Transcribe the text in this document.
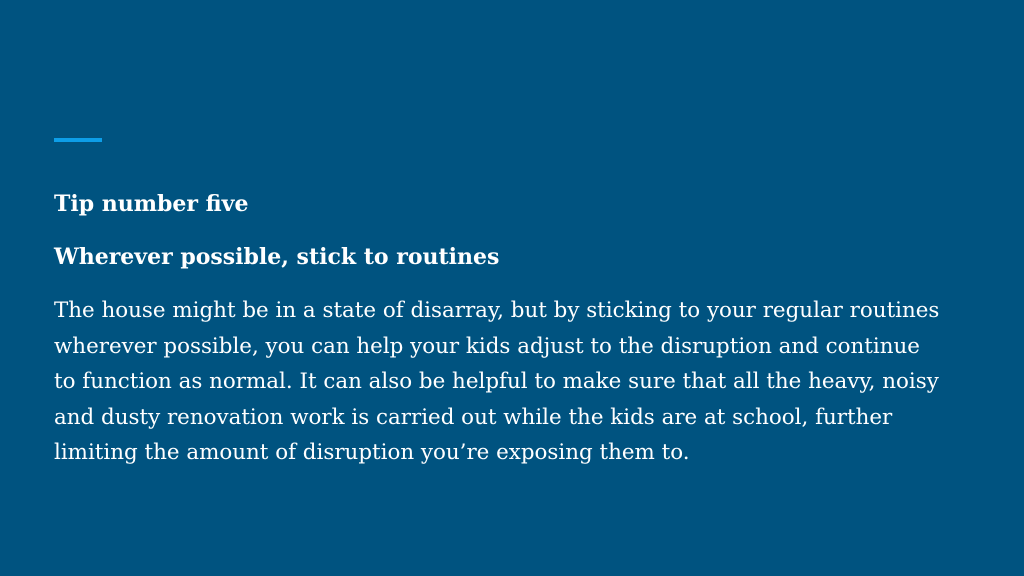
Tip number five
Wherever possible, stick to routines

The house might be in a state of disarray, but by sticking to your regular routines
wherever possible, you can help your kids adjust to the disruption and continue
to function as normal. It can also be helpful to make sure that all the heavy, noisy
and dusty renovation work is carried out while the kids are at school, further
limiting the amount of disruption you’re exposing them to.
